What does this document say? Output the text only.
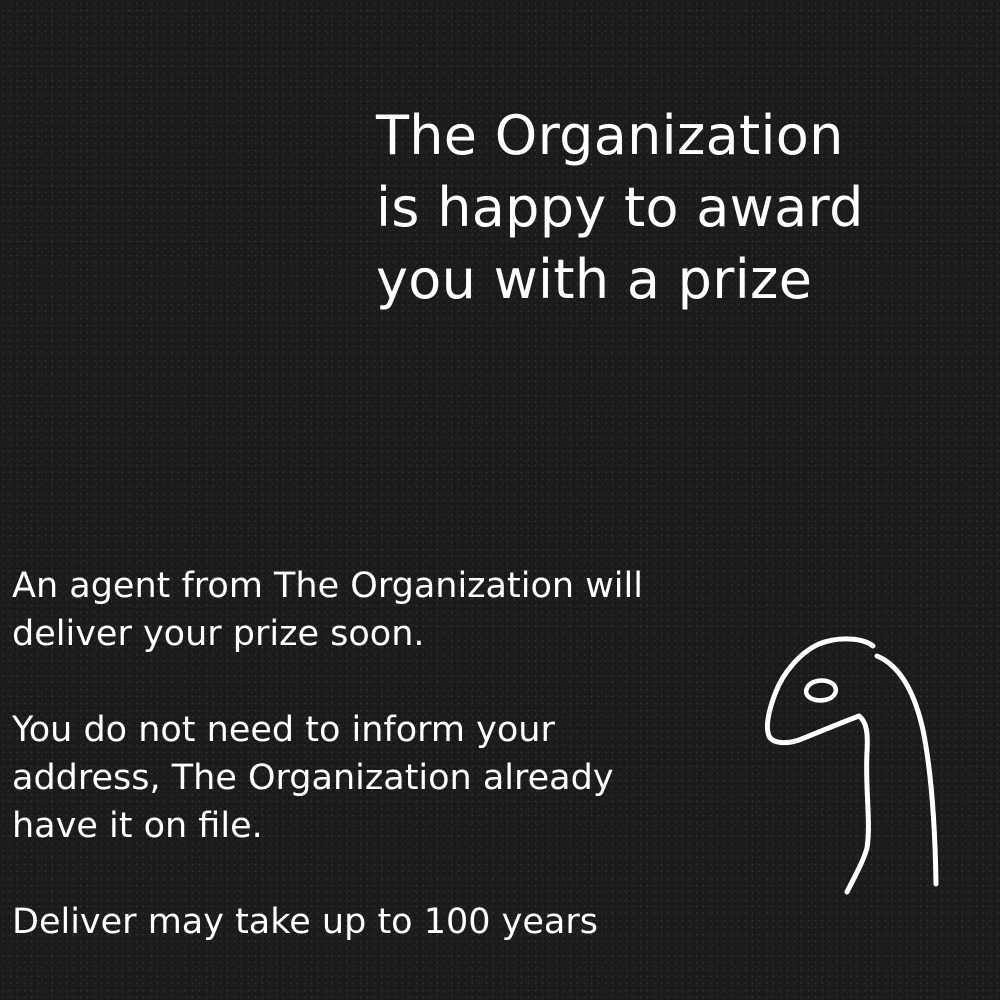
The Organization
is happy to award
you with a prize
An agent from The Organization will
deliver your prize soon.
You do not need to inform your
address, The Organization already
have it on file.
Deliver may take up to 100 years
